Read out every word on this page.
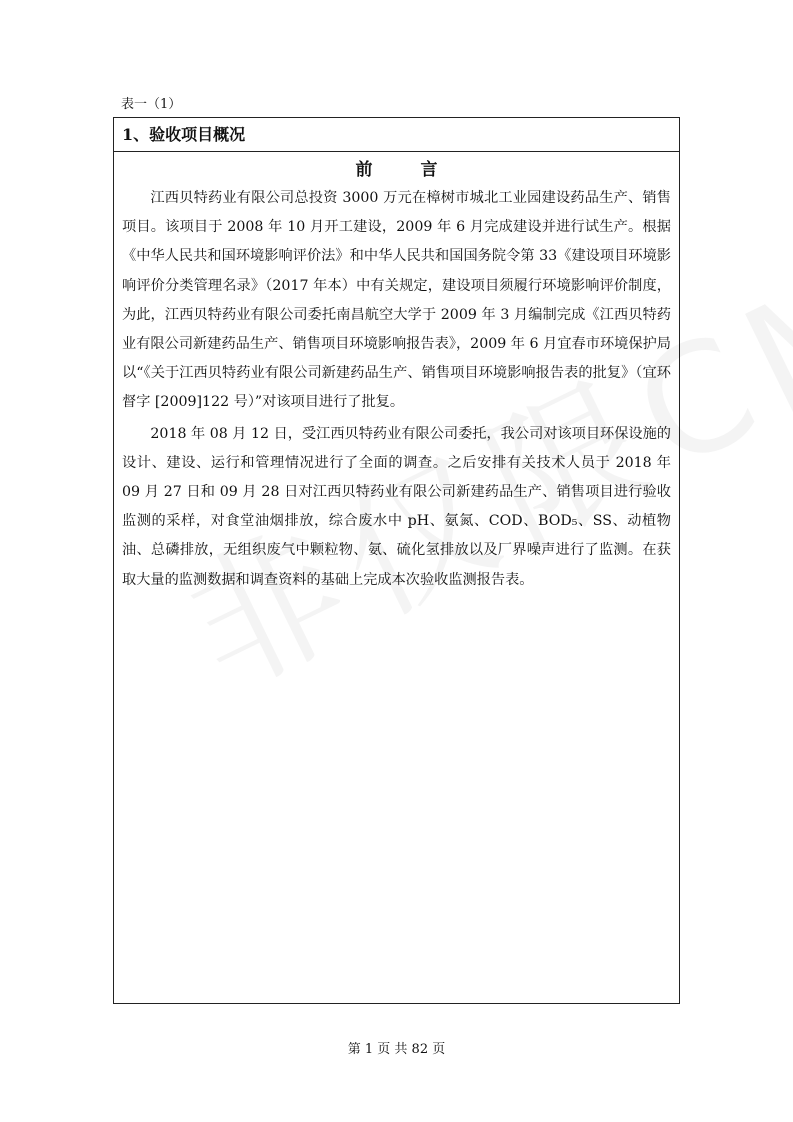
表一（1）
1、验收项目概况
前言

江西贝特药业有限公司总投资 3000 万元在樟树市城北工业园建设药品生产、销售项目。该项目于 2008 年 10 月开工建设，2009 年 6 月完成建设并进行试生产。根据《中华人民共和国环境影响评价法》和中华人民共和国国务院令第 33《建设项目环境影响评价分类管理名录》（2017 年本）中有关规定，建设项目须履行环境影响评价制度，为此，江西贝特药业有限公司委托南昌航空大学于 2009 年 3 月编制完成《江西贝特药业有限公司新建药品生产、销售项目环境影响报告表》，2009 年 6 月宜春市环境保护局以“《关于江西贝特药业有限公司新建药品生产、销售项目环境影响报告表的批复》（宜环督字 [2009]122 号）”对该项目进行了批复。

2018 年 08 月 12 日，受江西贝特药业有限公司委托，我公司对该项目环保设施的设计、建设、运行和管理情况进行了全面的调查。之后安排有关技术人员于 2018 年 09 月 27 日和 09 月 28 日对江西贝特药业有限公司新建药品生产、销售项目进行验收监测的采样，对食堂油烟排放，综合废水中 pH、氨氮、COD、BOD₅、SS、动植物油、总磷排放，无组织废气中颗粒物、氨、硫化氢排放以及厂界噪声进行了监测。在获取大量的监测数据和调查资料的基础上完成本次验收监测报告表。

第 1 页 共 82 页
